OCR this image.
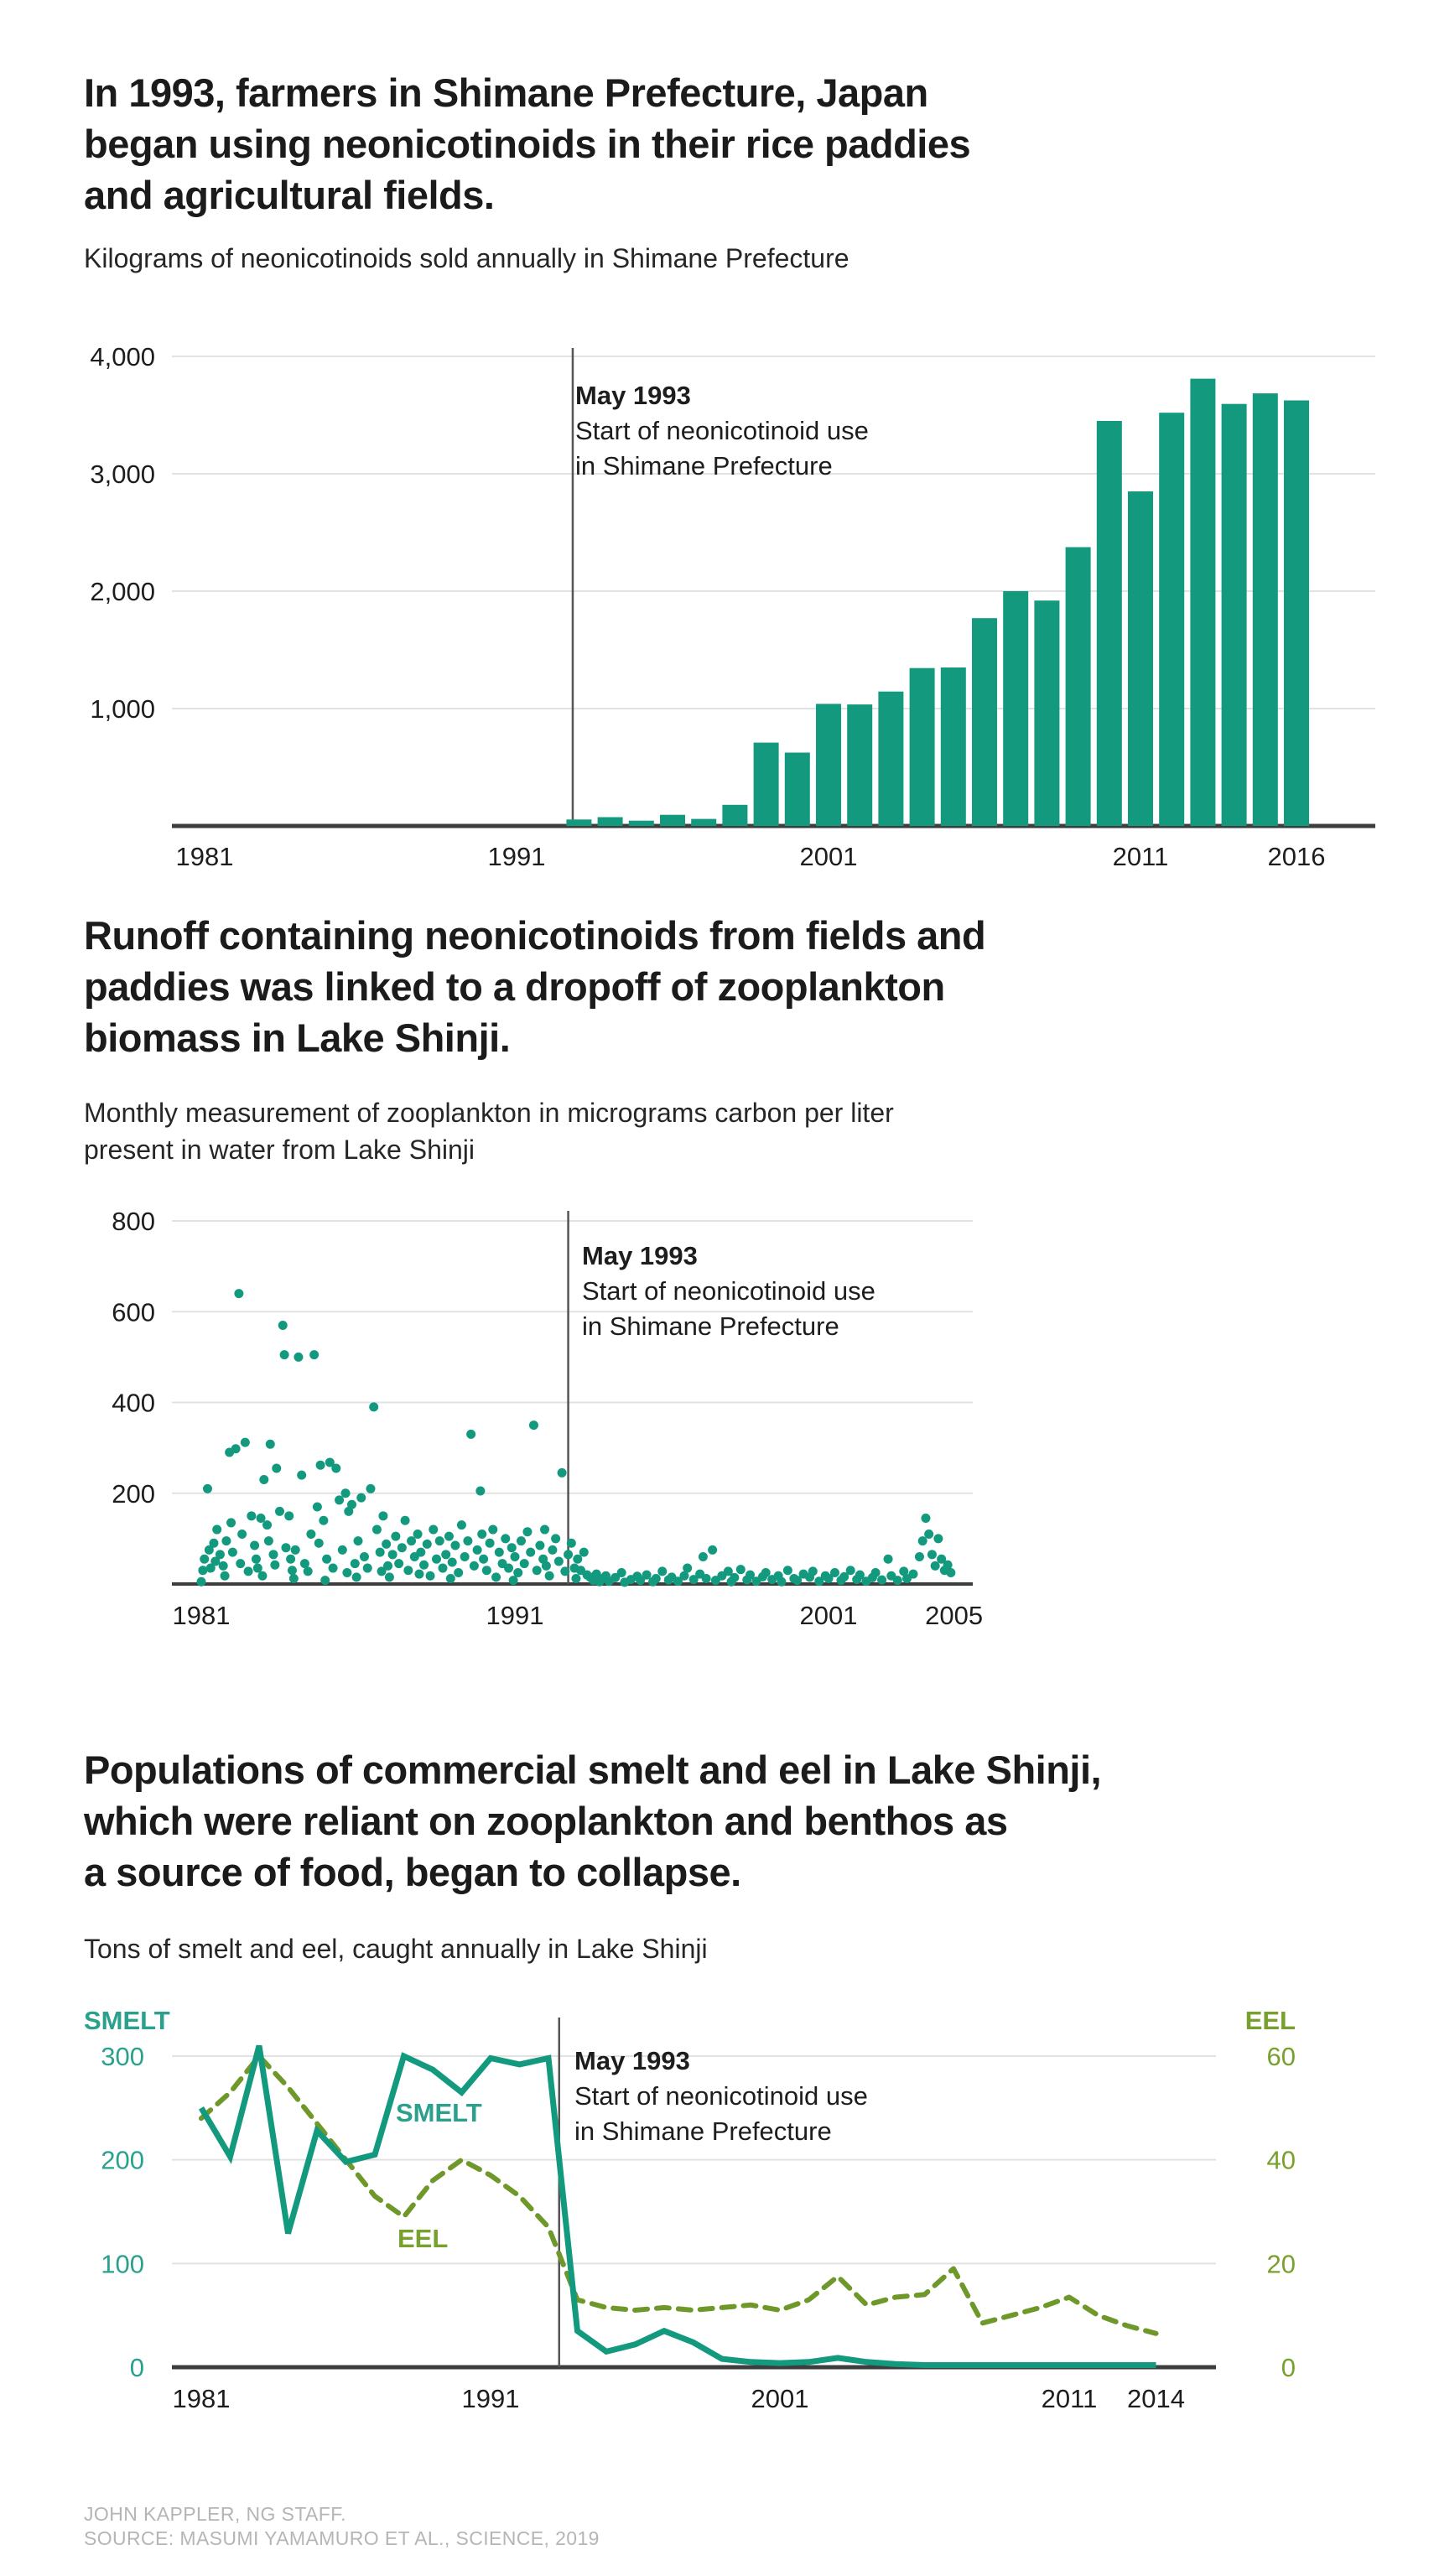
In 1993, farmers in Shimane Prefecture, Japan
began using neonicotinoids in their rice paddies
and agricultural fields.
Kilograms of neonicotinoids sold annually in Shimane Prefecture
1,000
2,000
3,000
4,000
1981	1991	2001	2011	2016
May 1993
Start of neonicotinoid use
in Shimane Prefecture
Runoff containing neonicotinoids from fields and
paddies was linked to a dropoff of zooplankton
biomass in Lake Shinji.
Monthly measurement of zooplankton in micrograms carbon per liter
present in water from Lake Shinji
200
400
600
800
1981	1991	2001	2005
May 1993
Start of neonicotinoid use
in Shimane Prefecture
Populations of commercial smelt and eel in Lake Shinji,
which were reliant on zooplankton and benthos as
a source of food, began to collapse.
Tons of smelt and eel, caught annually in Lake Shinji
0
100
200
300
0
20
40
60
SMELT	EEL
1981	1991	2001	2011 2014
May 1993
Start of neonicotinoid use
in Shimane Prefecture
SMELT
EEL
JOHN KAPPLER, NG STAFF.
SOURCE: MASUMI YAMAMURO ET AL., SCIENCE, 2019
